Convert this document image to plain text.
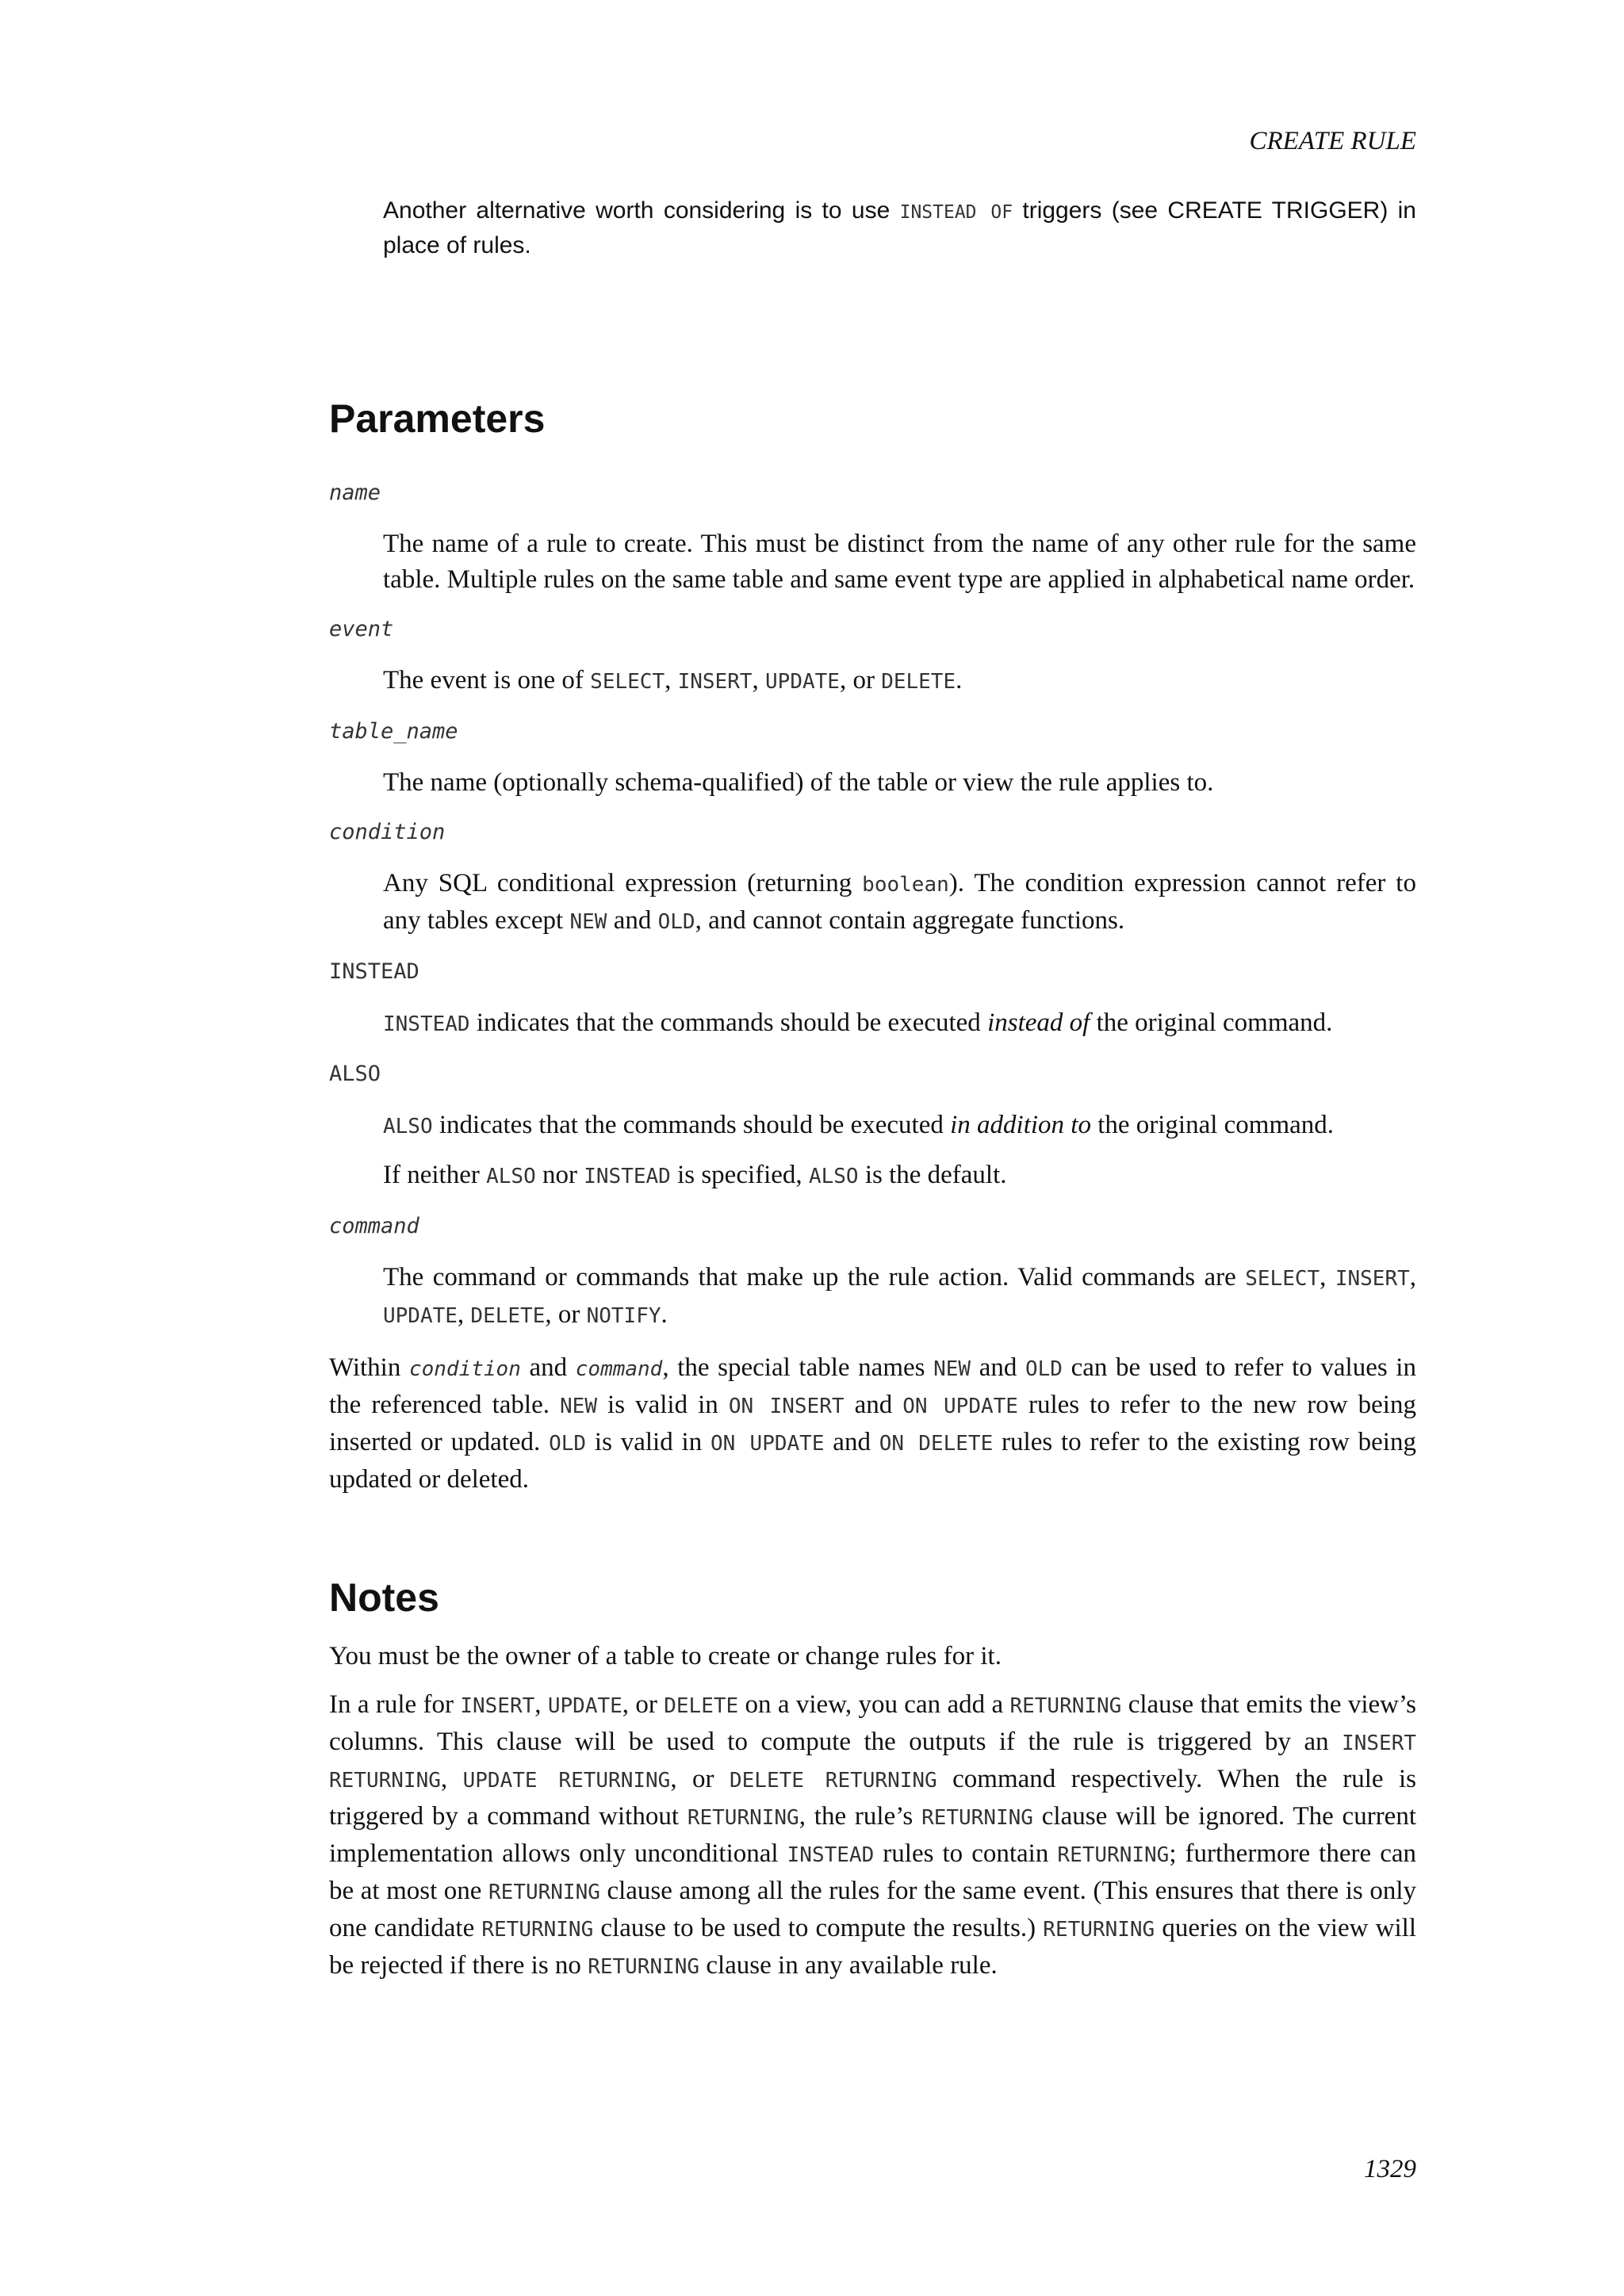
CREATE RULE

Another alternative worth considering is to use INSTEAD OF triggers (see CREATE TRIGGER) in place of rules.

Parameters
name

The name of a rule to create. This must be distinct from the name of any other rule for the same table. Multiple rules on the same table and same event type are applied in alphabetical name order.

event

The event is one of SELECT, INSERT, UPDATE, or DELETE.

table_name

The name (optionally schema-qualified) of the table or view the rule applies to.

condition

Any SQL conditional expression (returning boolean). The condition expression cannot refer to any tables except NEW and OLD, and cannot contain aggregate functions.

INSTEAD

INSTEAD indicates that the commands should be executed instead of the original command.

ALSO

ALSO indicates that the commands should be executed in addition to the original command.

If neither ALSO nor INSTEAD is specified, ALSO is the default.

command

The command or commands that make up the rule action. Valid commands are SELECT, INSERT, UPDATE, DELETE, or NOTIFY.

Within condition and command, the special table names NEW and OLD can be used to refer to values in the referenced table. NEW is valid in ON INSERT and ON UPDATE rules to refer to the new row being inserted or updated. OLD is valid in ON UPDATE and ON DELETE rules to refer to the existing row being updated or deleted.

Notes

You must be the owner of a table to create or change rules for it.

In a rule for INSERT, UPDATE, or DELETE on a view, you can add a RETURNING clause that emits the view’s columns. This clause will be used to compute the outputs if the rule is triggered by an INSERT RETURNING, UPDATE RETURNING, or DELETE RETURNING command respectively. When the rule is triggered by a command without RETURNING, the rule’s RETURNING clause will be ignored. The current implementation allows only unconditional INSTEAD rules to contain RETURNING; furthermore there can be at most one RETURNING clause among all the rules for the same event. (This ensures that there is only one candidate RETURNING clause to be used to compute the results.) RETURNING queries on the view will be rejected if there is no RETURNING clause in any available rule.

1329
